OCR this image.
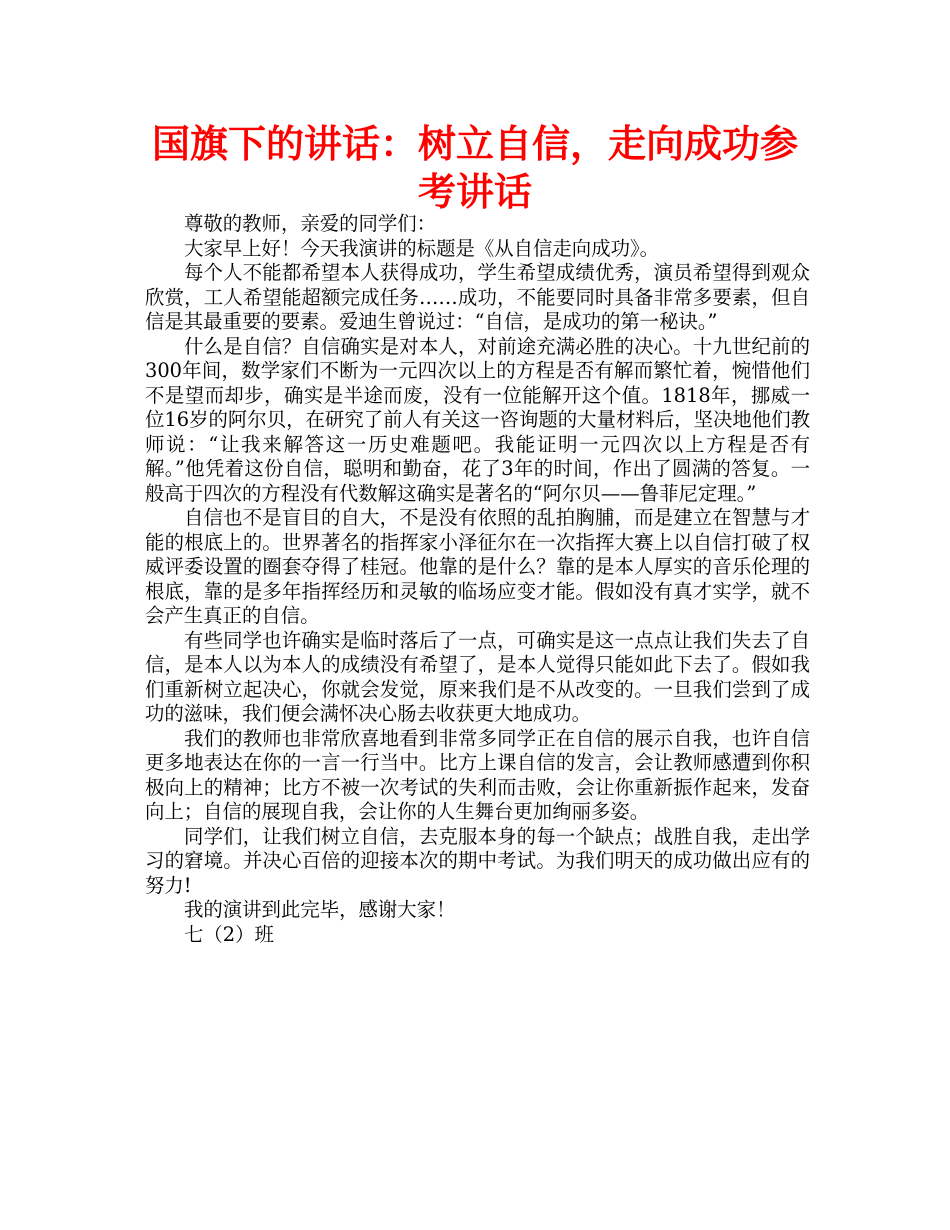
国旗下的讲话：树立自信，走向成功参考讲话

尊敬的教师，亲爱的同学们：

大家早上好！今天我演讲的标题是《从自信走向成功》。

每个人不能都希望本人获得成功，学生希望成绩优秀，演员希望得到观众欣赏，工人希望能超额完成任务……成功，不能要同时具备非常多要素，但自信是其最重要的要素。爱迪生曾说过：“自信，是成功的第一秘诀。”

什么是自信？自信确实是对本人，对前途充满必胜的决心。十九世纪前的300年间，数学家们不断为一元四次以上的方程是否有解而繁忙着，惋惜他们不是望而却步，确实是半途而废，没有一位能解开这个值。1818年，挪威一位16岁的阿尔贝，在研究了前人有关这一咨询题的大量材料后，坚决地他们教师说：“让我来解答这一历史难题吧。我能证明一元四次以上方程是否有解。”他凭着这份自信，聪明和勤奋，花了3年的时间，作出了圆满的答复。一般高于四次的方程没有代数解这确实是著名的“阿尔贝——鲁菲尼定理。”

自信也不是盲目的自大，不是没有依照的乱拍胸脯，而是建立在智慧与才能的根底上的。世界著名的指挥家小泽征尔在一次指挥大赛上以自信打破了权威评委设置的圈套夺得了桂冠。他靠的是什么？靠的是本人厚实的音乐伦理的根底，靠的是多年指挥经历和灵敏的临场应变才能。假如没有真才实学，就不会产生真正的自信。

有些同学也许确实是临时落后了一点，可确实是这一点点让我们失去了自信，是本人以为本人的成绩没有希望了，是本人觉得只能如此下去了。假如我们重新树立起决心，你就会发觉，原来我们是不从改变的。一旦我们尝到了成功的滋味，我们便会满怀决心肠去收获更大地成功。

我们的教师也非常欣喜地看到非常多同学正在自信的展示自我，也许自信更多地表达在你的一言一行当中。比方上课自信的发言，会让教师感遭到你积极向上的精神；比方不被一次考试的失利而击败，会让你重新振作起来，发奋向上；自信的展现自我，会让你的人生舞台更加绚丽多姿。

同学们，让我们树立自信，去克服本身的每一个缺点；战胜自我，走出学习的窘境。并决心百倍的迎接本次的期中考试。为我们明天的成功做出应有的努力!

我的演讲到此完毕，感谢大家！

七（2）班
